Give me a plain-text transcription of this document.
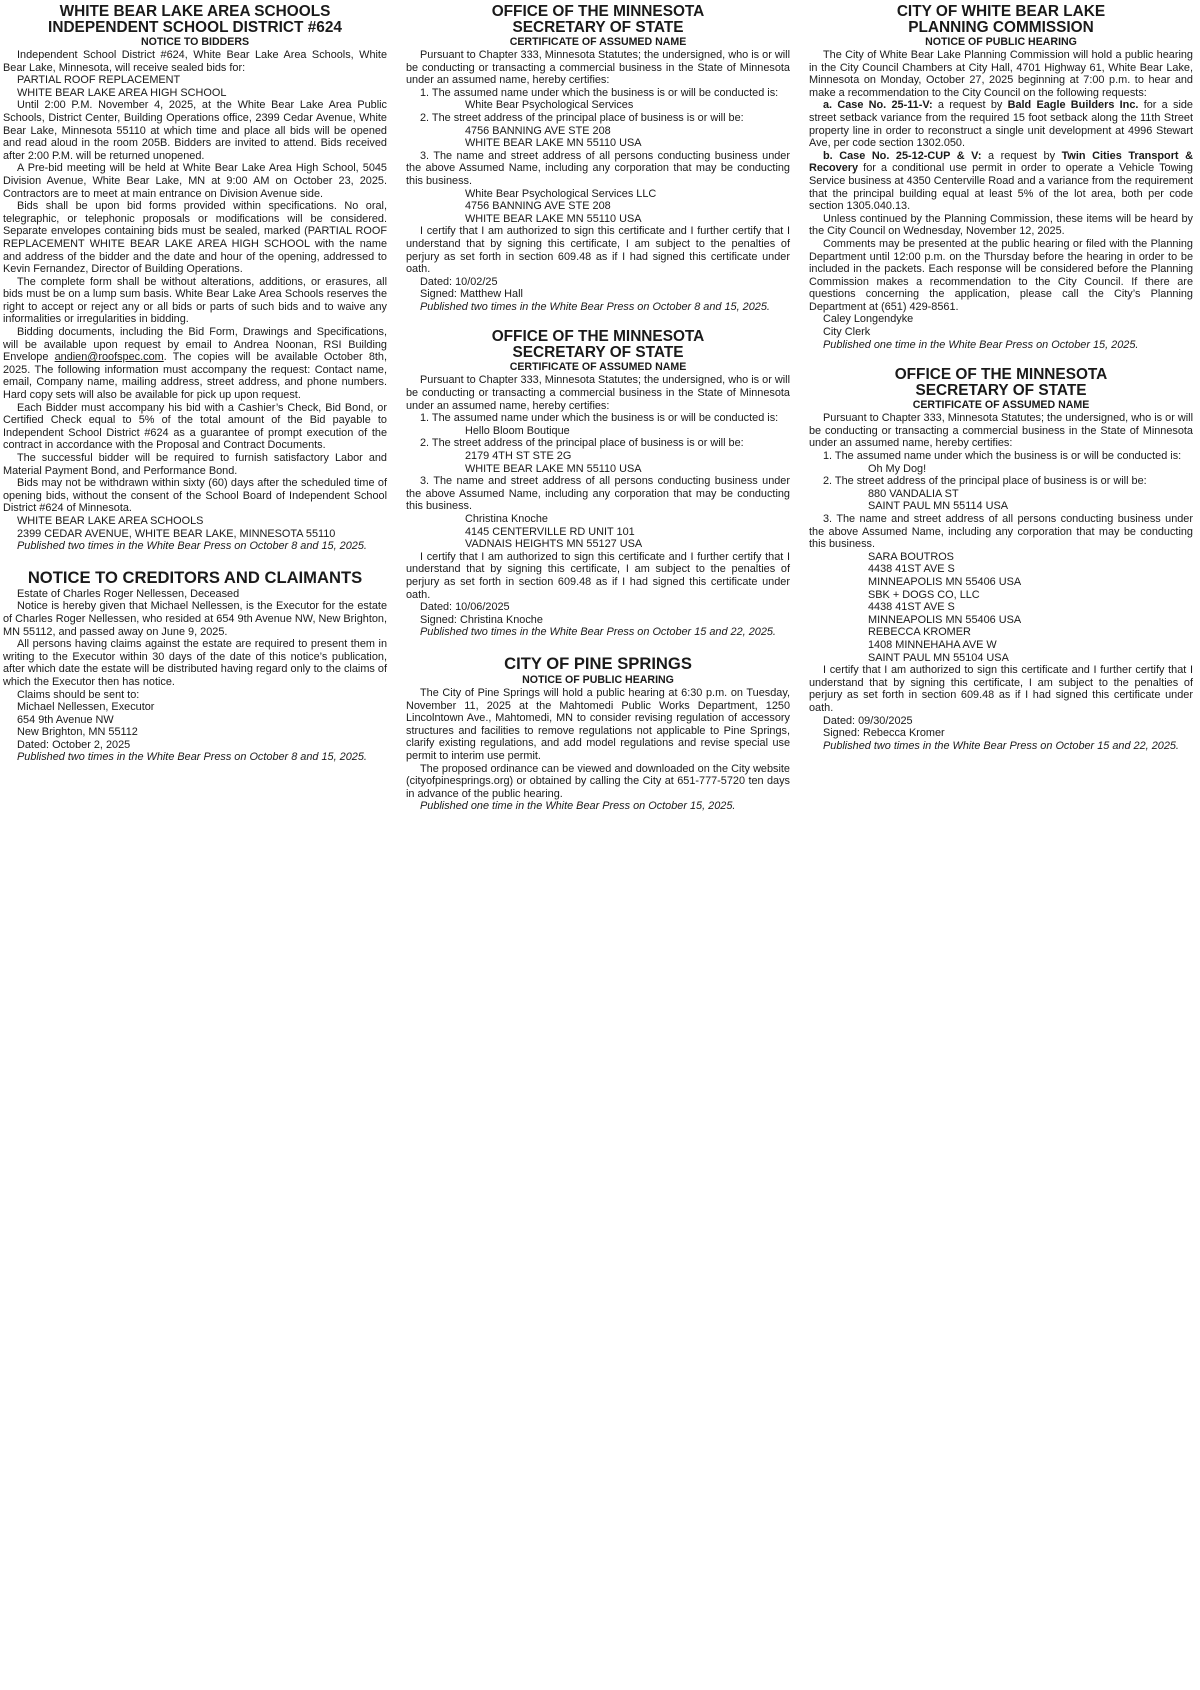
WHITE BEAR LAKE AREA SCHOOLS
INDEPENDENT SCHOOL DISTRICT #624
NOTICE TO BIDDERS

Independent School District #624, White Bear Lake Area Schools, White Bear Lake, Minnesota, will receive sealed bids for:

PARTIAL ROOF REPLACEMENT

WHITE BEAR LAKE AREA HIGH SCHOOL

Until 2:00 P.M. November 4, 2025, at the White Bear Lake Area Public Schools, District Center, Building Operations office, 2399 Cedar Avenue, White Bear Lake, Minnesota 55110 at which time and place all bids will be opened and read aloud in the room 205B. Bidders are invited to attend. Bids received after 2:00 P.M. will be returned unopened.

A Pre-bid meeting will be held at White Bear Lake Area High School, 5045 Division Avenue, White Bear Lake, MN at 9:00 AM on October 23, 2025. Contractors are to meet at main entrance on Division Avenue side.

Bids shall be upon bid forms provided within specifications. No oral, telegraphic, or telephonic proposals or modifications will be considered. Separate envelopes containing bids must be sealed, marked (PARTIAL ROOF REPLACEMENT WHITE BEAR LAKE AREA HIGH SCHOOL with the name and address of the bidder and the date and hour of the opening, addressed to Kevin Fernandez, Director of Building Operations.

The complete form shall be without alterations, additions, or erasures, all bids must be on a lump sum basis. White Bear Lake Area Schools reserves the right to accept or reject any or all bids or parts of such bids and to waive any informalities or irregularities in bidding.

Bidding documents, including the Bid Form, Drawings and Specifications, will be available upon request by email to Andrea Noonan, RSI Building Envelope andien@roofspec.com. The copies will be available October 8th, 2025. The following information must accompany the request: Contact name, email, Company name, mailing address, street address, and phone numbers. Hard copy sets will also be available for pick up upon request.

Each Bidder must accompany his bid with a Cashier’s Check, Bid Bond, or Certified Check equal to 5% of the total amount of the Bid payable to Independent School District #624 as a guarantee of prompt execution of the contract in accordance with the Proposal and Contract Documents.

The successful bidder will be required to furnish satisfactory Labor and Material Payment Bond, and Performance Bond.

Bids may not be withdrawn within sixty (60) days after the scheduled time of opening bids, without the consent of the School Board of Independent School District #624 of Minnesota.

WHITE BEAR LAKE AREA SCHOOLS

2399 CEDAR AVENUE, WHITE BEAR LAKE, MINNESOTA 55110

Published two times in the White Bear Press on October 8 and 15, 2025.

NOTICE TO CREDITORS AND CLAIMANTS

Estate of Charles Roger Nellessen, Deceased

Notice is hereby given that Michael Nellessen, is the Executor for the estate of Charles Roger Nellessen, who resided at 654 9th Avenue NW, New Brighton, MN 55112, and passed away on June 9, 2025.

All persons having claims against the estate are required to present them in writing to the Executor within 30 days of the date of this notice’s publication, after which date the estate will be distributed having regard only to the claims of which the Executor then has notice.

Claims should be sent to:

Michael Nellessen, Executor

654 9th Avenue NW

New Brighton, MN 55112

Dated: October 2, 2025

Published two times in the White Bear Press on October 8 and 15, 2025.

OFFICE OF THE MINNESOTA
SECRETARY OF STATE
CERTIFICATE OF ASSUMED NAME

Pursuant to Chapter 333, Minnesota Statutes; the undersigned, who is or will be conducting or transacting a commercial business in the State of Minnesota under an assumed name, hereby certifies:

1. The assumed name under which the business is or will be conducted is:

White Bear Psychological Services

2. The street address of the principal place of business is or will be:

4756 BANNING AVE STE 208

WHITE BEAR LAKE MN 55110 USA

3. The name and street address of all persons conducting business under the above Assumed Name, including any corporation that may be conducting this business.

White Bear Psychological Services LLC

4756 BANNING AVE STE 208

WHITE BEAR LAKE MN 55110 USA

I certify that I am authorized to sign this certificate and I further certify that I understand that by signing this certificate, I am subject to the penalties of perjury as set forth in section 609.48 as if I had signed this certificate under oath.

Dated: 10/02/25

Signed: Matthew Hall

Published two times in the White Bear Press on October 8 and 15, 2025.

OFFICE OF THE MINNESOTA
SECRETARY OF STATE
CERTIFICATE OF ASSUMED NAME

Pursuant to Chapter 333, Minnesota Statutes; the undersigned, who is or will be conducting or transacting a commercial business in the State of Minnesota under an assumed name, hereby certifies:

1. The assumed name under which the business is or will be conducted is:

Hello Bloom Boutique

2. The street address of the principal place of business is or will be:

2179 4TH ST STE 2G

WHITE BEAR LAKE MN 55110 USA

3. The name and street address of all persons conducting business under the above Assumed Name, including any corporation that may be conducting this business.

Christina Knoche

4145 CENTERVILLE RD UNIT 101

VADNAIS HEIGHTS MN 55127 USA

I certify that I am authorized to sign this certificate and I further certify that I understand that by signing this certificate, I am subject to the penalties of perjury as set forth in section 609.48 as if I had signed this certificate under oath.

Dated: 10/06/2025

Signed: Christina Knoche

Published two times in the White Bear Press on October 15 and 22, 2025.

CITY OF PINE SPRINGS
NOTICE OF PUBLIC HEARING

The City of Pine Springs will hold a public hearing at 6:30 p.m. on Tuesday, November 11, 2025 at the Mahtomedi Public Works Department, 1250 Lincolntown Ave., Mahtomedi, MN to consider revising regulation of accessory structures and facilities to remove regulations not applicable to Pine Springs, clarify existing regulations, and add model regulations and revise special use permit to interim use permit.

The proposed ordinance can be viewed and downloaded on the City website (cityofpinesprings.org) or obtained by calling the City at 651-777-5720 ten days in advance of the public hearing.

Published one time in the White Bear Press on October 15, 2025.

CITY OF WHITE BEAR LAKE
PLANNING COMMISSION
NOTICE OF PUBLIC HEARING

The City of White Bear Lake Planning Commission will hold a public hearing in the City Council Chambers at City Hall, 4701 Highway 61, White Bear Lake, Minnesota on Monday, October 27, 2025 beginning at 7:00 p.m. to hear and make a recommendation to the City Council on the following requests:

a. Case No. 25-11-V: a request by Bald Eagle Builders Inc. for a side street setback variance from the required 15 foot setback along the 11th Street property line in order to reconstruct a single unit development at 4996 Stewart Ave, per code section 1302.050.

b. Case No. 25-12-CUP & V: a request by Twin Cities Transport & Recovery for a conditional use permit in order to operate a Vehicle Towing Service business at 4350 Centerville Road and a variance from the requirement that the principal building equal at least 5% of the lot area, both per code section 1305.040.13.

Unless continued by the Planning Commission, these items will be heard by the City Council on Wednesday, November 12, 2025.

Comments may be presented at the public hearing or filed with the Planning Department until 12:00 p.m. on the Thursday before the hearing in order to be included in the packets. Each response will be considered before the Planning Commission makes a recommendation to the City Council. If there are questions concerning the application, please call the City’s Planning Department at (651) 429-8561.

Caley Longendyke

City Clerk

Published one time in the White Bear Press on October 15, 2025.

OFFICE OF THE MINNESOTA
SECRETARY OF STATE
CERTIFICATE OF ASSUMED NAME

Pursuant to Chapter 333, Minnesota Statutes; the undersigned, who is or will be conducting or transacting a commercial business in the State of Minnesota under an assumed name, hereby certifies:

1. The assumed name under which the business is or will be conducted is:

Oh My Dog!

2. The street address of the principal place of business is or will be:

880 VANDALIA ST

SAINT PAUL MN 55114 USA

3. The name and street address of all persons conducting business under the above Assumed Name, including any corporation that may be conducting this business.

SARA BOUTROS

4438 41ST AVE S

MINNEAPOLIS MN 55406 USA

SBK + DOGS CO, LLC

4438 41ST AVE S

MINNEAPOLIS MN 55406 USA

REBECCA KROMER

1408 MINNEHAHA AVE W

SAINT PAUL MN 55104 USA

I certify that I am authorized to sign this certificate and I further certify that I understand that by signing this certificate, I am subject to the penalties of perjury as set forth in section 609.48 as if I had signed this certificate under oath.

Dated: 09/30/2025

Signed: Rebecca Kromer

Published two times in the White Bear Press on October 15 and 22, 2025.
